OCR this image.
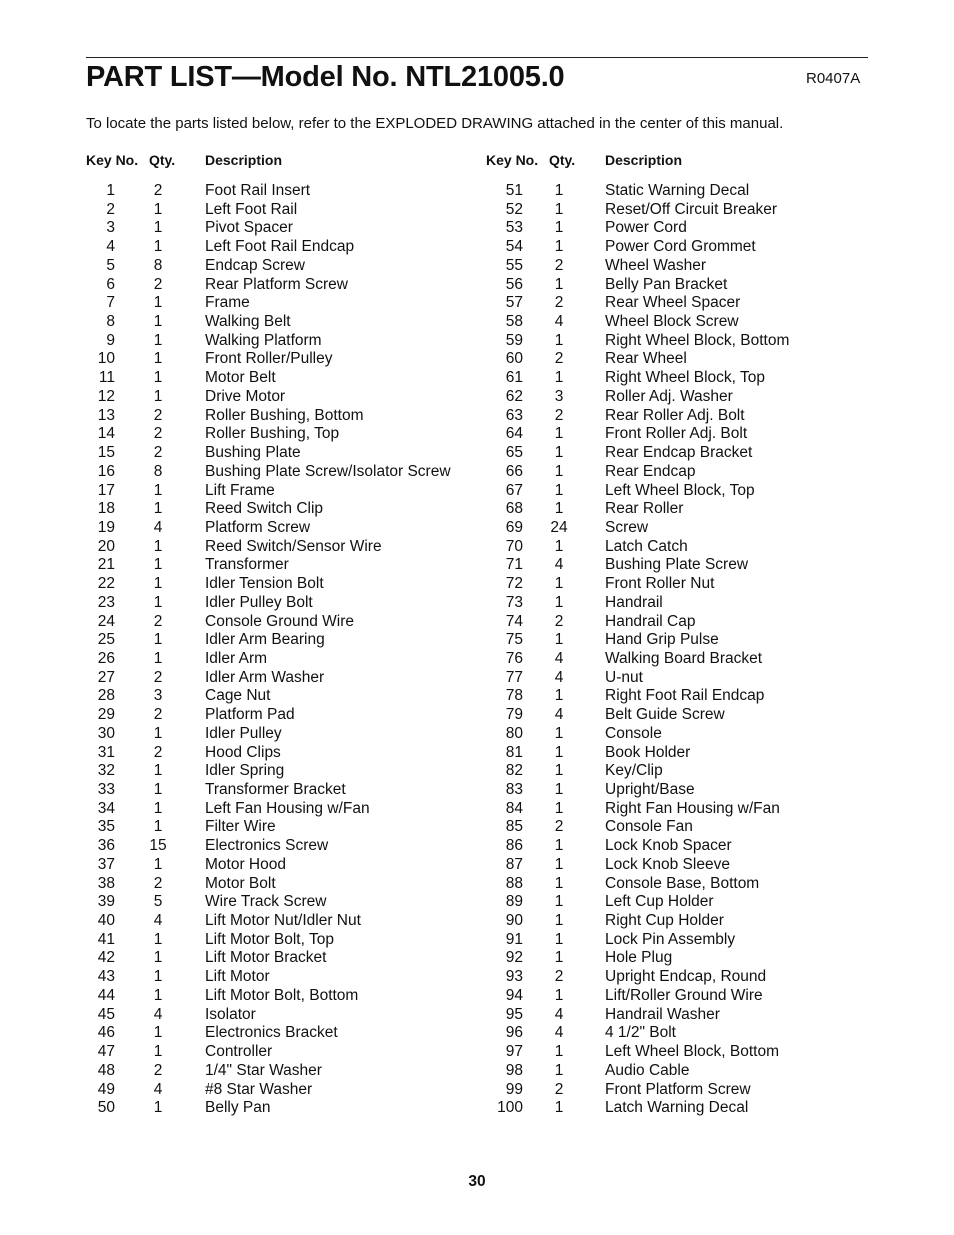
PART LIST—Model No. NTL21005.0	R0407A
To locate the parts listed below, refer to the EXPLODED DRAWING attached in the center of this manual.
Key No. Qty. Description
1	2	Foot Rail Insert
2	1	Left Foot Rail
3	1	Pivot Spacer
4	1	Left Foot Rail Endcap
5	8	Endcap Screw
6	2	Rear Platform Screw
7	1	Frame
8	1	Walking Belt
9	1	Walking Platform
10	1	Front Roller/Pulley
11	1	Motor Belt
12	1	Drive Motor
13	2	Roller Bushing, Bottom
14	2	Roller Bushing, Top
15	2	Bushing Plate
16	8	Bushing Plate Screw/Isolator Screw
17	1	Lift Frame
18	1	Reed Switch Clip
19	4	Platform Screw
20	1	Reed Switch/Sensor Wire
21	1	Transformer
22	1	Idler Tension Bolt
23	1	Idler Pulley Bolt
24	2	Console Ground Wire
25	1	Idler Arm Bearing
26	1	Idler Arm
27	2	Idler Arm Washer
28	3	Cage Nut
29	2	Platform Pad
30	1	Idler Pulley
31	2	Hood Clips
32	1	Idler Spring
33	1	Transformer Bracket
34	1	Left Fan Housing w/Fan
35	1	Filter Wire
36 15 Electronics Screw
37	1	Motor Hood
38	2	Motor Bolt
39	5	Wire Track Screw
40	4	Lift Motor Nut/Idler Nut
41	1	Lift Motor Bolt, Top
42	1	Lift Motor Bracket
43	1	Lift Motor
44	1	Lift Motor Bolt, Bottom
45	4	Isolator
46	1	Electronics Bracket
47	1	Controller
48	2	1/4" Star Washer
49	4	#8 Star Washer
50	1	Belly Pan
Key No. Qty. Description
51	1	Static Warning Decal
52	1	Reset/Off Circuit Breaker
53	1	Power Cord
54	1	Power Cord Grommet
55	2	Wheel Washer
56	1	Belly Pan Bracket
57	2	Rear Wheel Spacer
58	4	Wheel Block Screw
59	1	Right Wheel Block, Bottom
60	2	Rear Wheel
61	1	Right Wheel Block, Top
62	3	Roller Adj. Washer
63	2	Rear Roller Adj. Bolt
64	1	Front Roller Adj. Bolt
65	1	Rear Endcap Bracket
66	1	Rear Endcap
67	1	Left Wheel Block, Top
68	1	Rear Roller
69 24 Screw
70	1	Latch Catch
71	4	Bushing Plate Screw
72	1	Front Roller Nut
73	1	Handrail
74	2	Handrail Cap
75	1	Hand Grip Pulse
76	4	Walking Board Bracket
77	4	U-nut
78	1	Right Foot Rail Endcap
79	4	Belt Guide Screw
80	1	Console
81	1	Book Holder
82	1	Key/Clip
83	1	Upright/Base
84	1	Right Fan Housing w/Fan
85	2	Console Fan
86	1	Lock Knob Spacer
87	1	Lock Knob Sleeve
88	1	Console Base, Bottom
89	1	Left Cup Holder
90	1	Right Cup Holder
91	1	Lock Pin Assembly
92	1	Hole Plug
93	2	Upright Endcap, Round
94	1	Lift/Roller Ground Wire
95	4	Handrail Washer
96	4	4 1/2" Bolt
97	1	Left Wheel Block, Bottom
98	1	Audio Cable
99	2	Front Platform Screw
100	1	Latch Warning Decal
30
